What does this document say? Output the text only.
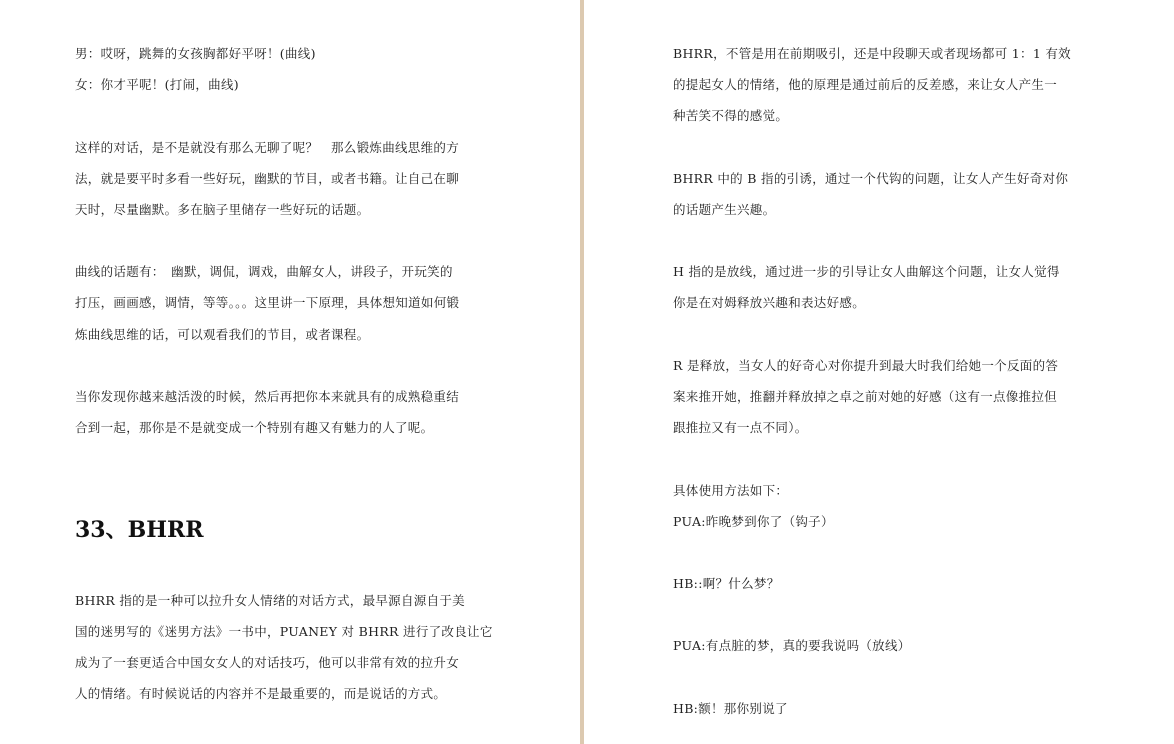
男：哎呀，跳舞的女孩胸都好平呀！(曲线)
女：你才平呢！(打闹，曲线)
这样的对话，是不是就没有那么无聊了呢？　那么锻炼曲线思维的方
法，就是要平时多看一些好玩，幽默的节目，或者书籍。让自己在聊
天时，尽量幽默。多在脑子里储存一些好玩的话题。
曲线的话题有：　幽默，调侃，调戏，曲解女人，讲段子，开玩笑的
打压，画画感，调情，等等。。。这里讲一下原理，具体想知道如何锻
炼曲线思维的话，可以观看我们的节目，或者课程。
当你发现你越来越活泼的时候，然后再把你本来就具有的成熟稳重结
合到一起，那你是不是就变成一个特别有趣又有魅力的人了呢。
33、BHRR
BHRR 指的是一种可以拉升女人情绪的对话方式，最早源自源自于美
国的迷男写的《迷男方法》一书中，PUANEY 对 BHRR 进行了改良让它
成为了一套更适合中国女女人的对话技巧，他可以非常有效的拉升女
人的情绪。有时候说话的内容并不是最重要的，而是说话的方式。
BHRR，不管是用在前期吸引，还是中段聊天或者现场都可 1：1 有效
的提起女人的情绪，他的原理是通过前后的反差感，来让女人产生一
种苦笑不得的感觉。
BHRR 中的 B 指的引诱，通过一个代钩的问题，让女人产生好奇对你
的话题产生兴趣。
H 指的是放线，通过进一步的引导让女人曲解这个问题，让女人觉得
你是在对姆释放兴趣和表达好感。
R 是释放，当女人的好奇心对你提升到最大时我们给她一个反面的答
案来推开她，推翻并释放掉之卓之前对她的好感（这有一点像推拉但
跟推拉又有一点不同）。
具体使用方法如下：
PUA:昨晚梦到你了（钩子）
HB::啊？什么梦？
PUA:有点脏的梦，真的要我说吗（放线）
HB:额！那你别说了
